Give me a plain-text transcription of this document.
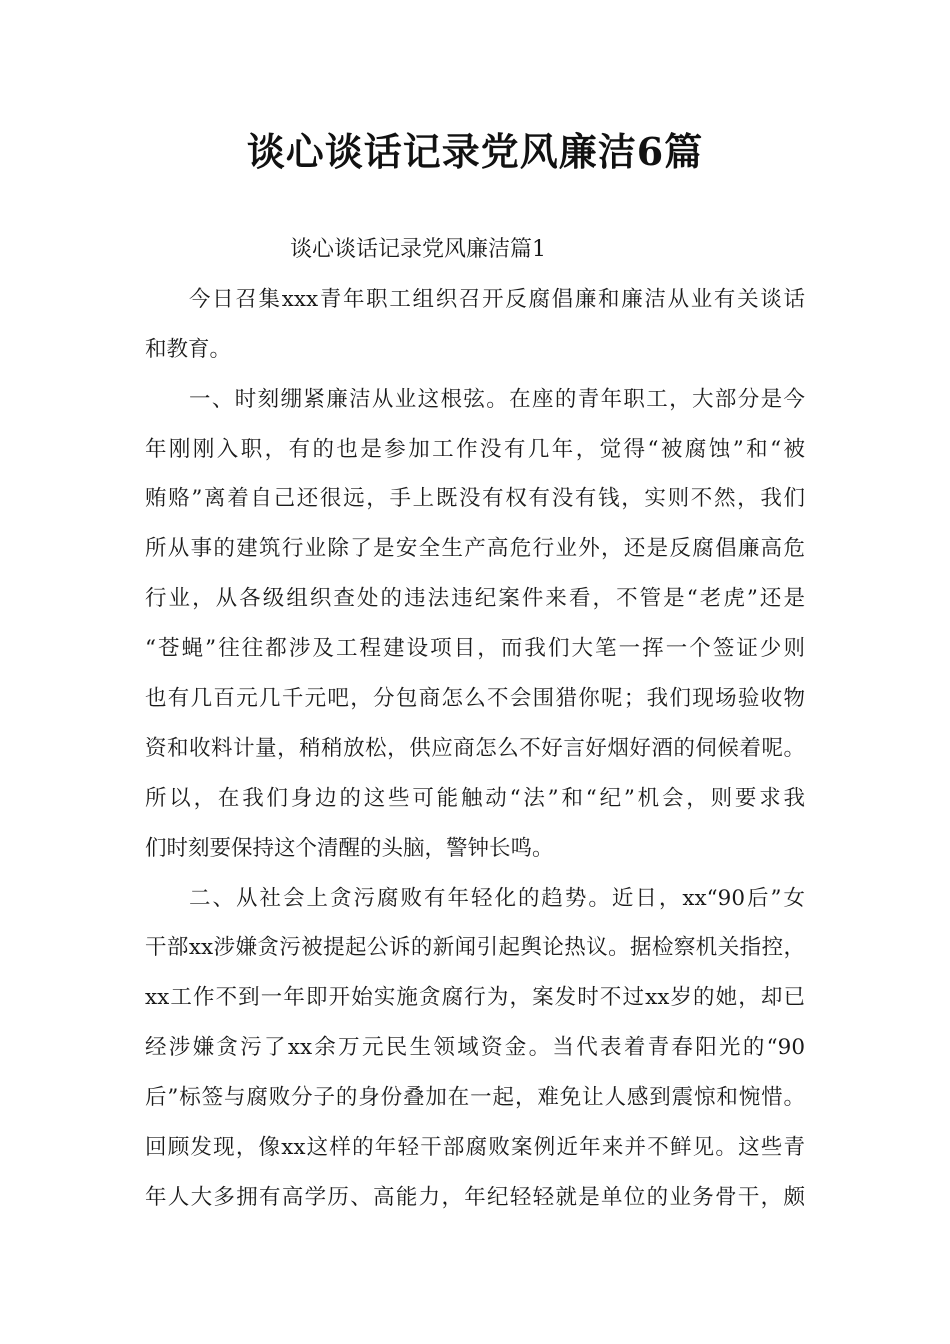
谈心谈话记录党风廉洁6篇
谈心谈话记录党风廉洁篇1
今日召集xxx青年职工组织召开反腐倡廉和廉洁从业有关谈话
和教育。
一、时刻绷紧廉洁从业这根弦。在座的青年职工，大部分是今
年刚刚入职，有的也是参加工作没有几年，觉得“被腐蚀”和“被
贿赂”离着自己还很远，手上既没有权有没有钱，实则不然，我们
所从事的建筑行业除了是安全生产高危行业外，还是反腐倡廉高危
行业，从各级组织查处的违法违纪案件来看，不管是“老虎”还是
“苍蝇”往往都涉及工程建设项目，而我们大笔一挥一个签证少则
也有几百元几千元吧，分包商怎么不会围猎你呢；我们现场验收物
资和收料计量，稍稍放松，供应商怎么不好言好烟好酒的伺候着呢。
所以，在我们身边的这些可能触动“法”和“纪”机会，则要求我
们时刻要保持这个清醒的头脑，警钟长鸣。
二、从社会上贪污腐败有年轻化的趋势。近日，xx“90后”女
干部xx涉嫌贪污被提起公诉的新闻引起舆论热议。据检察机关指控，
xx工作不到一年即开始实施贪腐行为，案发时不过xx岁的她，却已
经涉嫌贪污了xx余万元民生领域资金。当代表着青春阳光的“90
后”标签与腐败分子的身份叠加在一起，难免让人感到震惊和惋惜。
回顾发现，像xx这样的年轻干部腐败案例近年来并不鲜见。这些青
年人大多拥有高学历、高能力，年纪轻轻就是单位的业务骨干，颇
